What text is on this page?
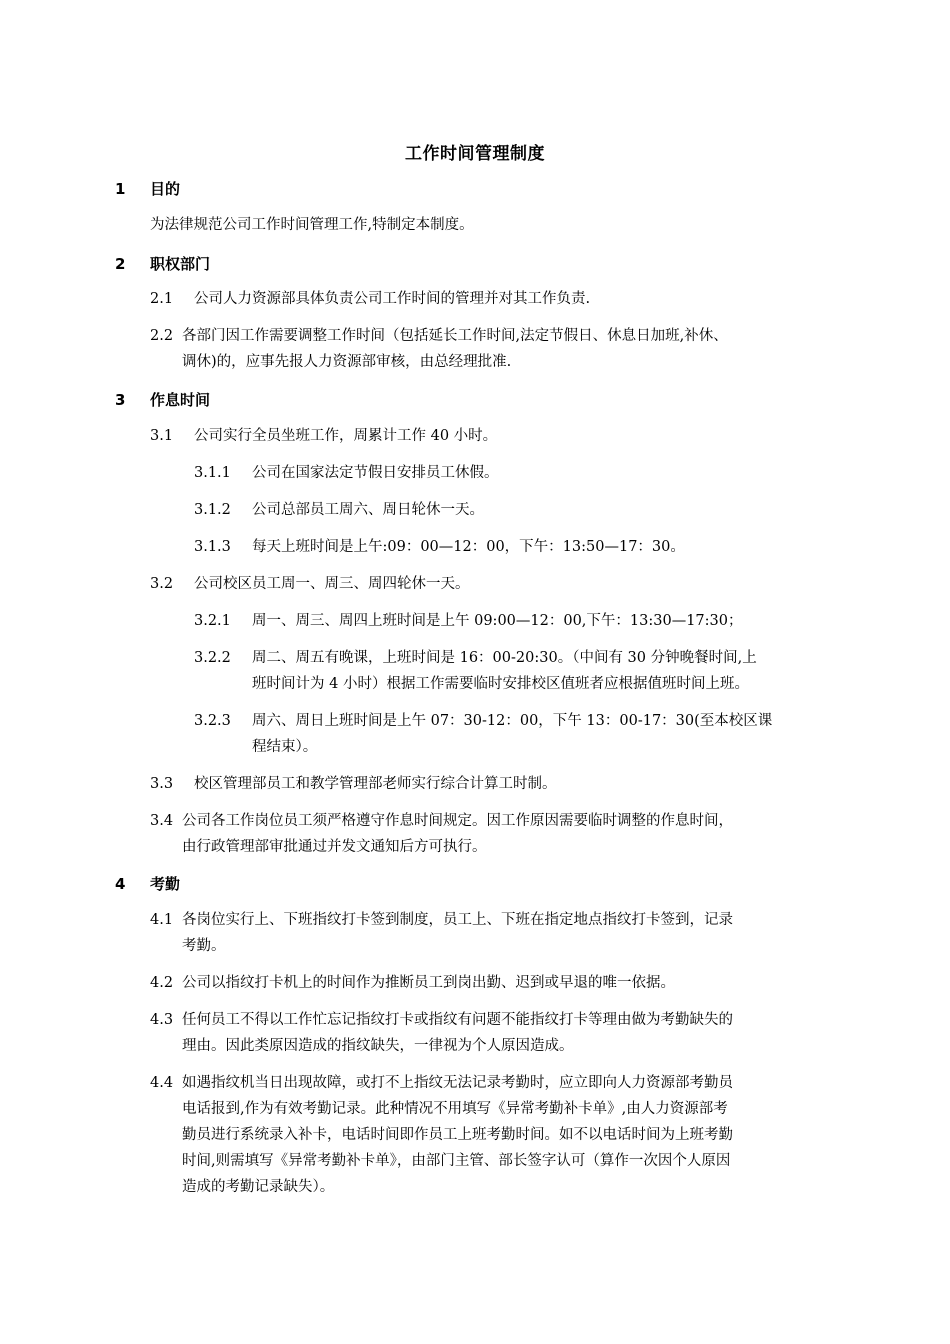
工作时间管理制度
1 目的
为法律规范公司工作时间管理工作,特制定本制度。
2 职权部门
2.1 公司人力资源部具体负责公司工作时间的管理并对其工作负责.
2.2 各部门因工作需要调整工作时间（包括延长工作时间,法定节假日、休息日加班,补休、
调休)的，应事先报人力资源部审核，由总经理批准.
3 作息时间
3.1 公司实行全员坐班工作，周累计工作 40 小时。
3.1.1 公司在国家法定节假日安排员工休假。
3.1.2 公司总部员工周六、周日轮休一天。
3.1.3 每天上班时间是上午:09：00—12：00，下午：13:50—17：30。
3.2 公司校区员工周一、周三、周四轮休一天。
3.2.1 周一、周三、周四上班时间是上午 09:00—12：00,下午：13:30—17:30；
3.2.2 周二、周五有晚课，上班时间是 16：00-20:30。（中间有 30 分钟晚餐时间,上
班时间计为 4 小时）根据工作需要临时安排校区值班者应根据值班时间上班。
3.2.3 周六、周日上班时间是上午 07：30-12：00，下午 13：00-17：30(至本校区课
程结束）。
3.3 校区管理部员工和教学管理部老师实行综合计算工时制。
3.4 公司各工作岗位员工须严格遵守作息时间规定。因工作原因需要临时调整的作息时间，
由行政管理部审批通过并发文通知后方可执行。
4 考勤
4.1 各岗位实行上、下班指纹打卡签到制度，员工上、下班在指定地点指纹打卡签到，记录
考勤。
4.2 公司以指纹打卡机上的时间作为推断员工到岗出勤、迟到或早退的唯一依据。
4.3 任何员工不得以工作忙忘记指纹打卡或指纹有问题不能指纹打卡等理由做为考勤缺失的
理由。因此类原因造成的指纹缺失，一律视为个人原因造成。
4.4 如遇指纹机当日出现故障，或打不上指纹无法记录考勤时，应立即向人力资源部考勤员
电话报到,作为有效考勤记录。此种情况不用填写《异常考勤补卡单》,由人力资源部考
勤员进行系统录入补卡，电话时间即作员工上班考勤时间。如不以电话时间为上班考勤
时间,则需填写《异常考勤补卡单》，由部门主管、部长签字认可（算作一次因个人原因
造成的考勤记录缺失）。
